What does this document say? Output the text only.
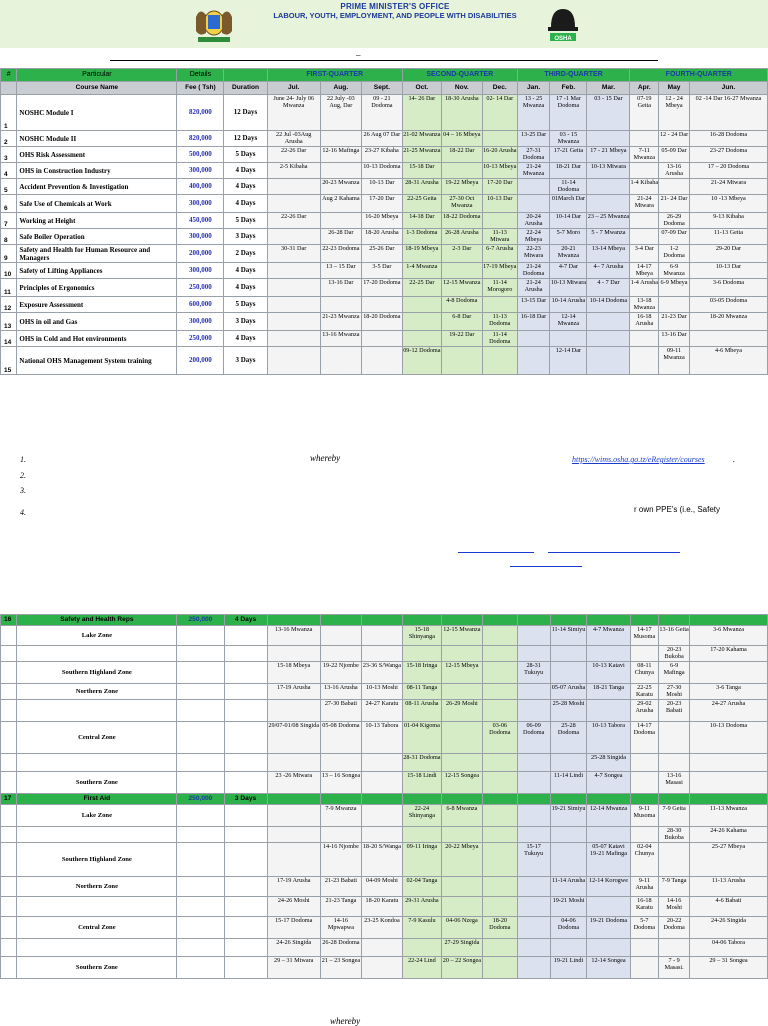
PRIME MINISTER'S OFFICE
LABOUR, YOUTH, EMPLOYMENT, AND PEOPLE WITH DISABILITIES
OSHA
–
#	Particular	Details		FIRST-QUARTER			SECOND-QUARTER			THIRD-QUARTER			FOURTH-QUARTER		
	Course Name	Fee ( Tsh)	Duration	Jul.	Aug.	Sept.	Oct.	Nov.	Dec.	Jan.	Feb.	Mar.	Apr.	May	Jun.
1	NOSHC Module I	820,000	12 Days	June 24- July 06 Mwanza	22 July -03 Aug, Dar	09 - 21 Dodoma	14- 26 Dar	18-30 Arusha	02- 14 Dar	13 - 25 Mwanza	17 -1 Mar Dodoma	03 - 15 Dar	07-19 Geita	12 - 24 Mbeya	02 -14 Dar 16-27 Mwanza
2	NOSHC Module II	820,000	12 Days	22 Jul -03Aug Arusha		26 Aug 07 Dar	21-02 Mwanza	04 – 16 Mbeya		13-25 Dar	03 - 15 Mwanza			12 - 24 Dar	16-28 Dodoma
3	OHS Risk Assessment	500,000	5 Days	22-26 Dar	12-16 Mafinga	23-27 Kibaha	21-25 Mwanza	18-22 Dar	16-20 Arusha	27-31 Dodoma	17-21 Geita	17 - 21 Mbeya	7-11 Mwanza	05-09 Dar	23-27 Dodoma
4	OHS in Construction Industry	300,000	4 Days	2-5 Kibaha		10-13 Dodoma	15-18 Dar		10-13 Mbeya	21-24 Mwanza	18-21 Dar	10-13 Mtwara		13-16 Arusha	17 – 20 Dodoma
5	Accident Prevention & Investigation	400,000	4 Days		20-23 Mwanza	10-13 Dar	28-31 Arusha	19-22 Mbeya	17-20 Dar		11-14 Dodoma		1-4 Kibaha		21-24 Mtwara
6	Safe Use of Chemicals at Work	300,000	4 Days		Aug 2 Kahama	17-20 Dar	22-25 Geita	27-30 Oct Mwanza	10-13 Dar		01March Dar		21-24 Mtwara	21- 24 Dar	10 -13 Mbeya
7	Working at Height	450,000	5 Days	22-26 Dar		16-20 Mbeya	14-18 Dar	18-22 Dodoma		20-24 Arusha	10-14 Dar	23 – 25 Mwanza		26-29 Dodoma	9-13 Kibaha
8	Safe Boiler Operation	300,000	3 Days		26-28 Dar	18-20 Arusha	1-3 Dodoma	26-28 Arusha	11-13 Mtwara	22-24 Mbeya	5-7 Moro	5 - 7 Mwanza		07-09 Dar	11-13 Geita
9	Safety and Health for Human Resource and Managers	200,000	2 Days	30-31 Dar	22-23 Dodoma	25-26 Dar	18-19 Mbeya	2-3 Dar	6-7 Arusha	22-23 Mtwara	20-21 Mwanza	13-14 Mbeya	3-4 Dar	1-2 Dodoma	29-20 Dar
10	Safety of Lifting Appliances	300,000	4 Days		13 – 15 Dar	3-5 Dar	1-4 Mwanza		17-19 Mbeya	21-24 Dodoma	4-7 Dar	4– 7 Arusha	14-17 Mbeya	6-9 Mwanza	10-13 Dar
11	Principles of Ergonomics	250,000	4 Days		13-16 Dar	17-20 Dodoma	22-25 Dar	12-15 Mwanza	11-14 Morogoro	21-24 Arusha	10-13 Mtwara	4 - 7 Dar	1-4 Arusha	6-9 Mbeya	3-6 Dodoma
12	Exposure Assessment	600,000	5 Days					4-8 Dodoma		13-15 Dar	10-14 Arusha	10-14 Dodoma	13-18 Mwanza		03-05 Dodoma
13	OHS in oil and Gas	300,000	3 Days		21-23 Mwanza	18-20 Dodoma		6-8 Dar	11-13 Dodoma	16-18 Dar	12-14 Mwanza		16-18 Arusha	21-23 Dar	18-20 Mwanza
14	OHS in Cold and Hot environments	250,000	4 Days		13-16 Mwanza			19-22 Dar	11-14 Dodoma					13-16 Dar	
15	National OHS Management System training	200,000	3 Days				09-12 Dodoma				12-14 Dar			09-11 Mwanza	4-6 Mbeya
1.	whereby	https://wims.osha.go.tz/eRegister/courses	.
2.
3.
4.	r own PPE's (i.e., Safety
16	Safety and Health Reps	250,000	4 Days												
	Lake Zone			13-16 Mwanza			15-18 Shinyanga	12-15 Mwanza			11-14 Simiyu	4-7 Mwanza	14-17 Musoma	13-16 Geita	3-6 Mwanza
														20-23 Bukoba	17-20 Kahama
	Southern Highland Zone			15-18 Mbeya	19-22 Njombe	23-36 S/Wanga	15-18 Iringa	12-15 Mbeya		28-31 Tukuyu		10-13 Katavi	08-11 Chunya	6-9 Mafinga	
	Northern Zone			17-19 Arusha	13-16 Arusha	10-13 Moshi	08-11 Tanga				05-07 Arusha	18-21 Tanga	22-25 Karatu	27-30 Moshi	3-6 Tanga
					27-30 Babati	24-27 Karatu	08-11 Arusha	26-29 Moshi			25-28 Moshi		29-02 Arusha	20-23 Babati	24-27 Arusha
	Central Zone			29/07-01/08 Singida	05-08 Dodoma	10-13 Tabora	01-04 Kigoma		03-06 Dodoma	06-09 Dodoma	25-28 Dodoma	10-13 Tabora	14-17 Dodoma		10-13 Dodoma
							28-31 Dodoma					25-28 Singida			
	Southern Zone			23 -26 Mtwara	13 – 16 Songea		15-18 Lindi	12-15 Songea			11-14 Lindi	4-7 Songea		13-16 Masasi	
17	First Aid	250,000	3 Days												
	Lake Zone				7-9 Mwanza		22-24 Shinyanga	6-8 Mwanza			19-21 Simiyu	12-14 Mwanza	9-11 Musoma	7-9 Geita	11-13 Mwanza
														28-30 Bukoba	24-26 Kahama
	Southern Highland Zone				14-16 Njombe	18-20 S/Wanga	09-11 Iringa	20-22 Mbeya		15-17 Tukuyu		05-07 Katavi 19-21 Mafinga	02-04 Chunya		25-27 Mbeya
	Northern Zone			17-19 Arusha	21-23 Babati	04-09 Moshi	02-04 Tanga				11-14 Arusha	12-14 Korogwe	9-11 Arusha	7-9 Tanga	11-13 Arusha
				24-26 Moshi	21-23 Tanga	18-20 Karatu	29-31 Arusha				19-21 Moshi		16-18 Karatu	14-16 Moshi	4-6 Babati
	Central Zone			15-17 Dodoma	14-16 Mpwapwa	23-25 Kondoa	7-9 Kasulu	04-06 Nzega	18-20 Dodoma		04-06 Dodoma	19-21 Dodoma	5-7 Dodoma	20-22 Dodoma	24-26 Singida
				24-26 Singida	26-28 Dodoma			27-29 Singida							04-06 Tabora
	Southern Zone			29 – 31 Mtwara	21 – 23 Songea		22-24 Lind	20 – 22 Songea			19-21 Lindi	12-14 Songea		7 - 9 Masasi.	29 – 31 Songea
whereby
